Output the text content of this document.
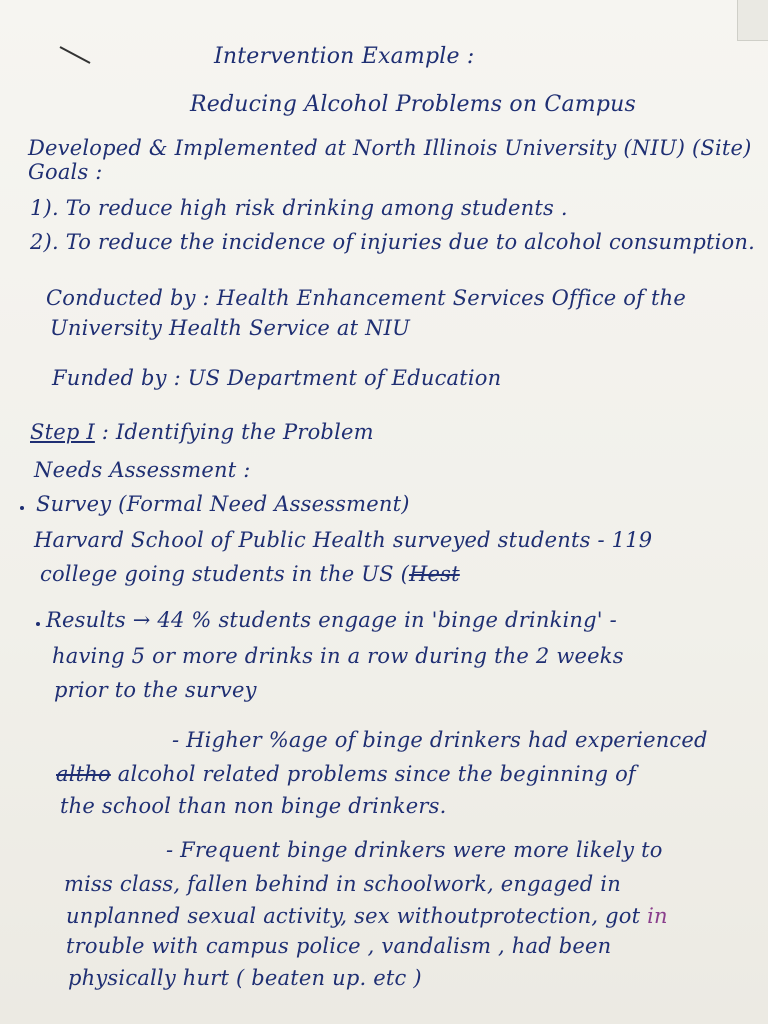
Intervention Example :
Reducing Alcohol Problems on Campus
Developed & Implemented at North Illinois University (NIU) (Site)
Goals :
1). To reduce high risk drinking among students .
2). To reduce the incidence of injuries due to alcohol consumption.
Conducted by : Health Enhancement Services Office of the
University Health Service at NIU
Funded by : US Department of Education
Step I : Identifying the Problem
Needs Assessment :
Survey (Formal Need Assessment)
Harvard School of Public Health surveyed students - 119
college going students in the US (Hest
Results → 44 % students engage in 'binge drinking' -
having 5 or more drinks in a row during the 2 weeks
prior to the survey
- Higher %age of binge drinkers had experienced
altho alcohol related problems since the beginning of
the school than non binge drinkers.
- Frequent binge drinkers were more likely to
miss class, fallen behind in schoolwork, engaged in
unplanned sexual activity, sex withoutprotection, got in
trouble with campus police , vandalism , had been
physically hurt ( beaten up. etc )
